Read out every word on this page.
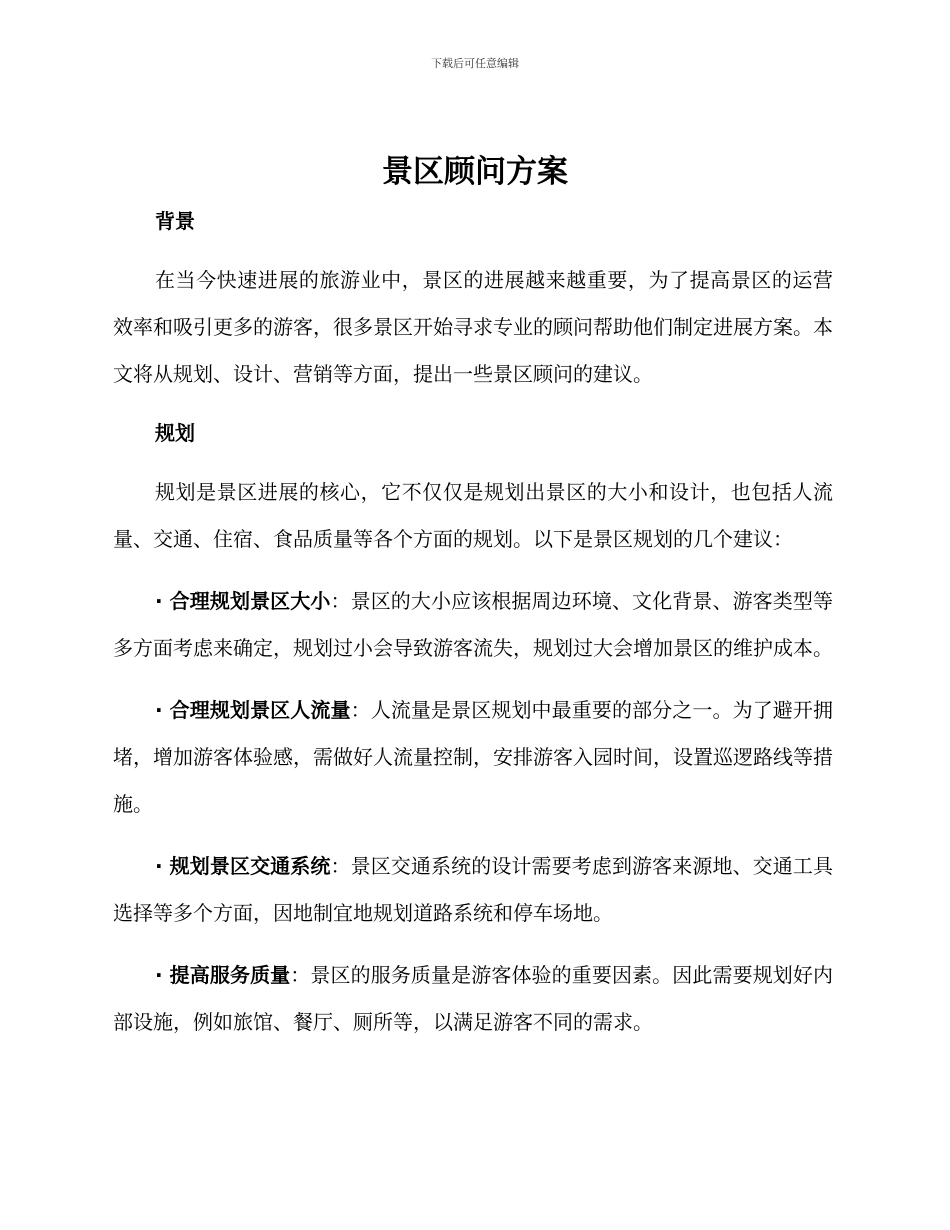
下载后可任意编辑
景区顾问方案
背景

在当今快速进展的旅游业中，景区的进展越来越重要，为了提高景区的运营效率和吸引更多的游客，很多景区开始寻求专业的顾问帮助他们制定进展方案。本文将从规划、设计、营销等方面，提出一些景区顾问的建议。

规划

规划是景区进展的核心，它不仅仅是规划出景区的大小和设计，也包括人流量、交通、住宿、食品质量等各个方面的规划。以下是景区规划的几个建议：

· 合理规划景区大小：景区的大小应该根据周边环境、文化背景、游客类型等多方面考虑来确定，规划过小会导致游客流失，规划过大会增加景区的维护成本。

· 合理规划景区人流量：人流量是景区规划中最重要的部分之一。为了避开拥堵，增加游客体验感，需做好人流量控制，安排游客入园时间，设置巡逻路线等措施。

· 规划景区交通系统：景区交通系统的设计需要考虑到游客来源地、交通工具选择等多个方面，因地制宜地规划道路系统和停车场地。

· 提高服务质量：景区的服务质量是游客体验的重要因素。因此需要规划好内部设施，例如旅馆、餐厅、厕所等，以满足游客不同的需求。
